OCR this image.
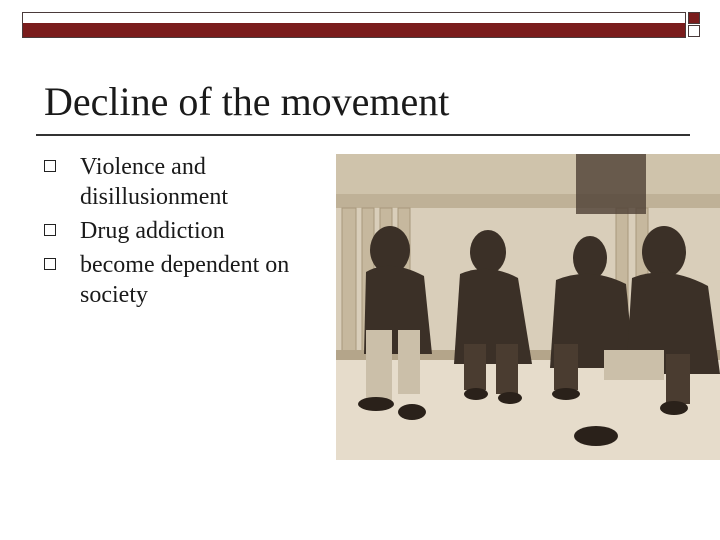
Decline of the movement
Violence and disillusionment
Drug addiction
become dependent on society
